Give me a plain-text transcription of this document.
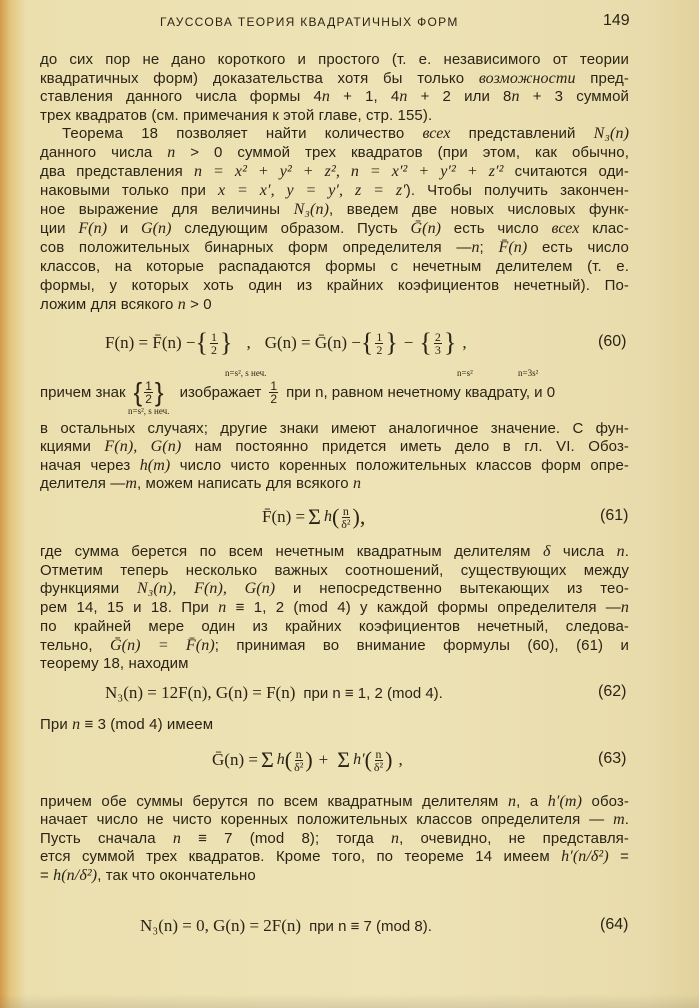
ГАУССОВА ТЕОРИЯ КВАДРАТИЧНЫХ ФОРМ	149
до сих пор не дано короткого и простого (т. е. независимого от теории
квадратичных форм) доказательства хотя бы только возможности пред-
ставления данного числа формы 4n + 1, 4n + 2 или 8n + 3 суммой
трех квадратов (см. примечания к этой главе, стр. 155).
Теорема 18 позволяет найти количество всех представлений N₃(n)
данного числа n > 0 суммой трех квадратов (при этом, как обычно,
два представления n = x² + y² + z², n = x′² + y′² + z′² считаются оди-
наковыми только при x = x′, y = y′, z = z′). Чтобы получить закончен-
ное выражение для величины N₃(n), введем две новых числовых функ-
ции F(n) и G(n) следующим образом. Пусть Ḡ(n) есть число всех клас-
сов положительных бинарных форм определителя —n; F̄(n) есть число
классов, на которые распадаются формы с нечетным делителем (т. е.
формы, у которых хоть один из крайних коэфициентов нечетный). По-
ложим для всякого n > 0
в остальных случаях; другие знаки имеют аналогичное значение. С фун-
кциями F(n), G(n) нам постоянно придется иметь дело в гл. VI. Обоз-
начая через h(m) число чисто коренных положительных классов форм опре-
делителя —m, можем написать для всякого n
где сумма берется по всем нечетным квадратным делителям δ числа n.
Отметим теперь несколько важных соотношений, существующих между
функциями N₃(n), F(n), G(n) и непосредственно вытекающих из тео-
рем 14, 15 и 18. При n ≡ 1, 2 (mod 4) у каждой формы определителя —n
по крайней мере один из крайних коэфициентов нечетный, следова-
тельно, Ḡ(n) = F̄(n); принимая во внимание формулы (60), (61) и
теорему 18, находим
При n ≡ 3 (mod 4) имеем
причем обе суммы берутся по всем квадратным делителям n, а h′(m) обоз-
начает число не чисто коренных положительных классов определителя — m.
Пусть сначала n ≡ 7 (mod 8); тогда n, очевидно, не представля-
ется суммой трех квадратов. Кроме того, по теореме 14 имеем h′(n/δ²) =
= h(n/δ²), так что окончательно
F(n) = F̄(n) − { $\frac{1}{2}$ } , G(n) = Ḡ(n) − { $\frac{1}{2}$ } − { $\frac{2}{3}$ } ,
n=s², s неч.	n=s²	n=3s²
(60)
причем знак { $\frac{1}{2}$ } изображает $\frac{1}{2}$ при n, равном нечетному квадрату, и 0
n=s², s неч.
F̄(n) = Σ h ( $\frac{n}{\text{δ²}}$ ),	(61)
N₃(n) = 12F(n), G(n) = F(n) при n ≡ 1, 2 (mod 4).	(62)
Ḡ(n) = Σ h ( $\frac{n}{\text{δ²}}$ ) + Σ h′ ( $\frac{n}{\text{δ²}}$ ) ,	(63)
N₃(n) = 0, G(n) = 2F(n) при n ≡ 7 (mod 8).	(64)
